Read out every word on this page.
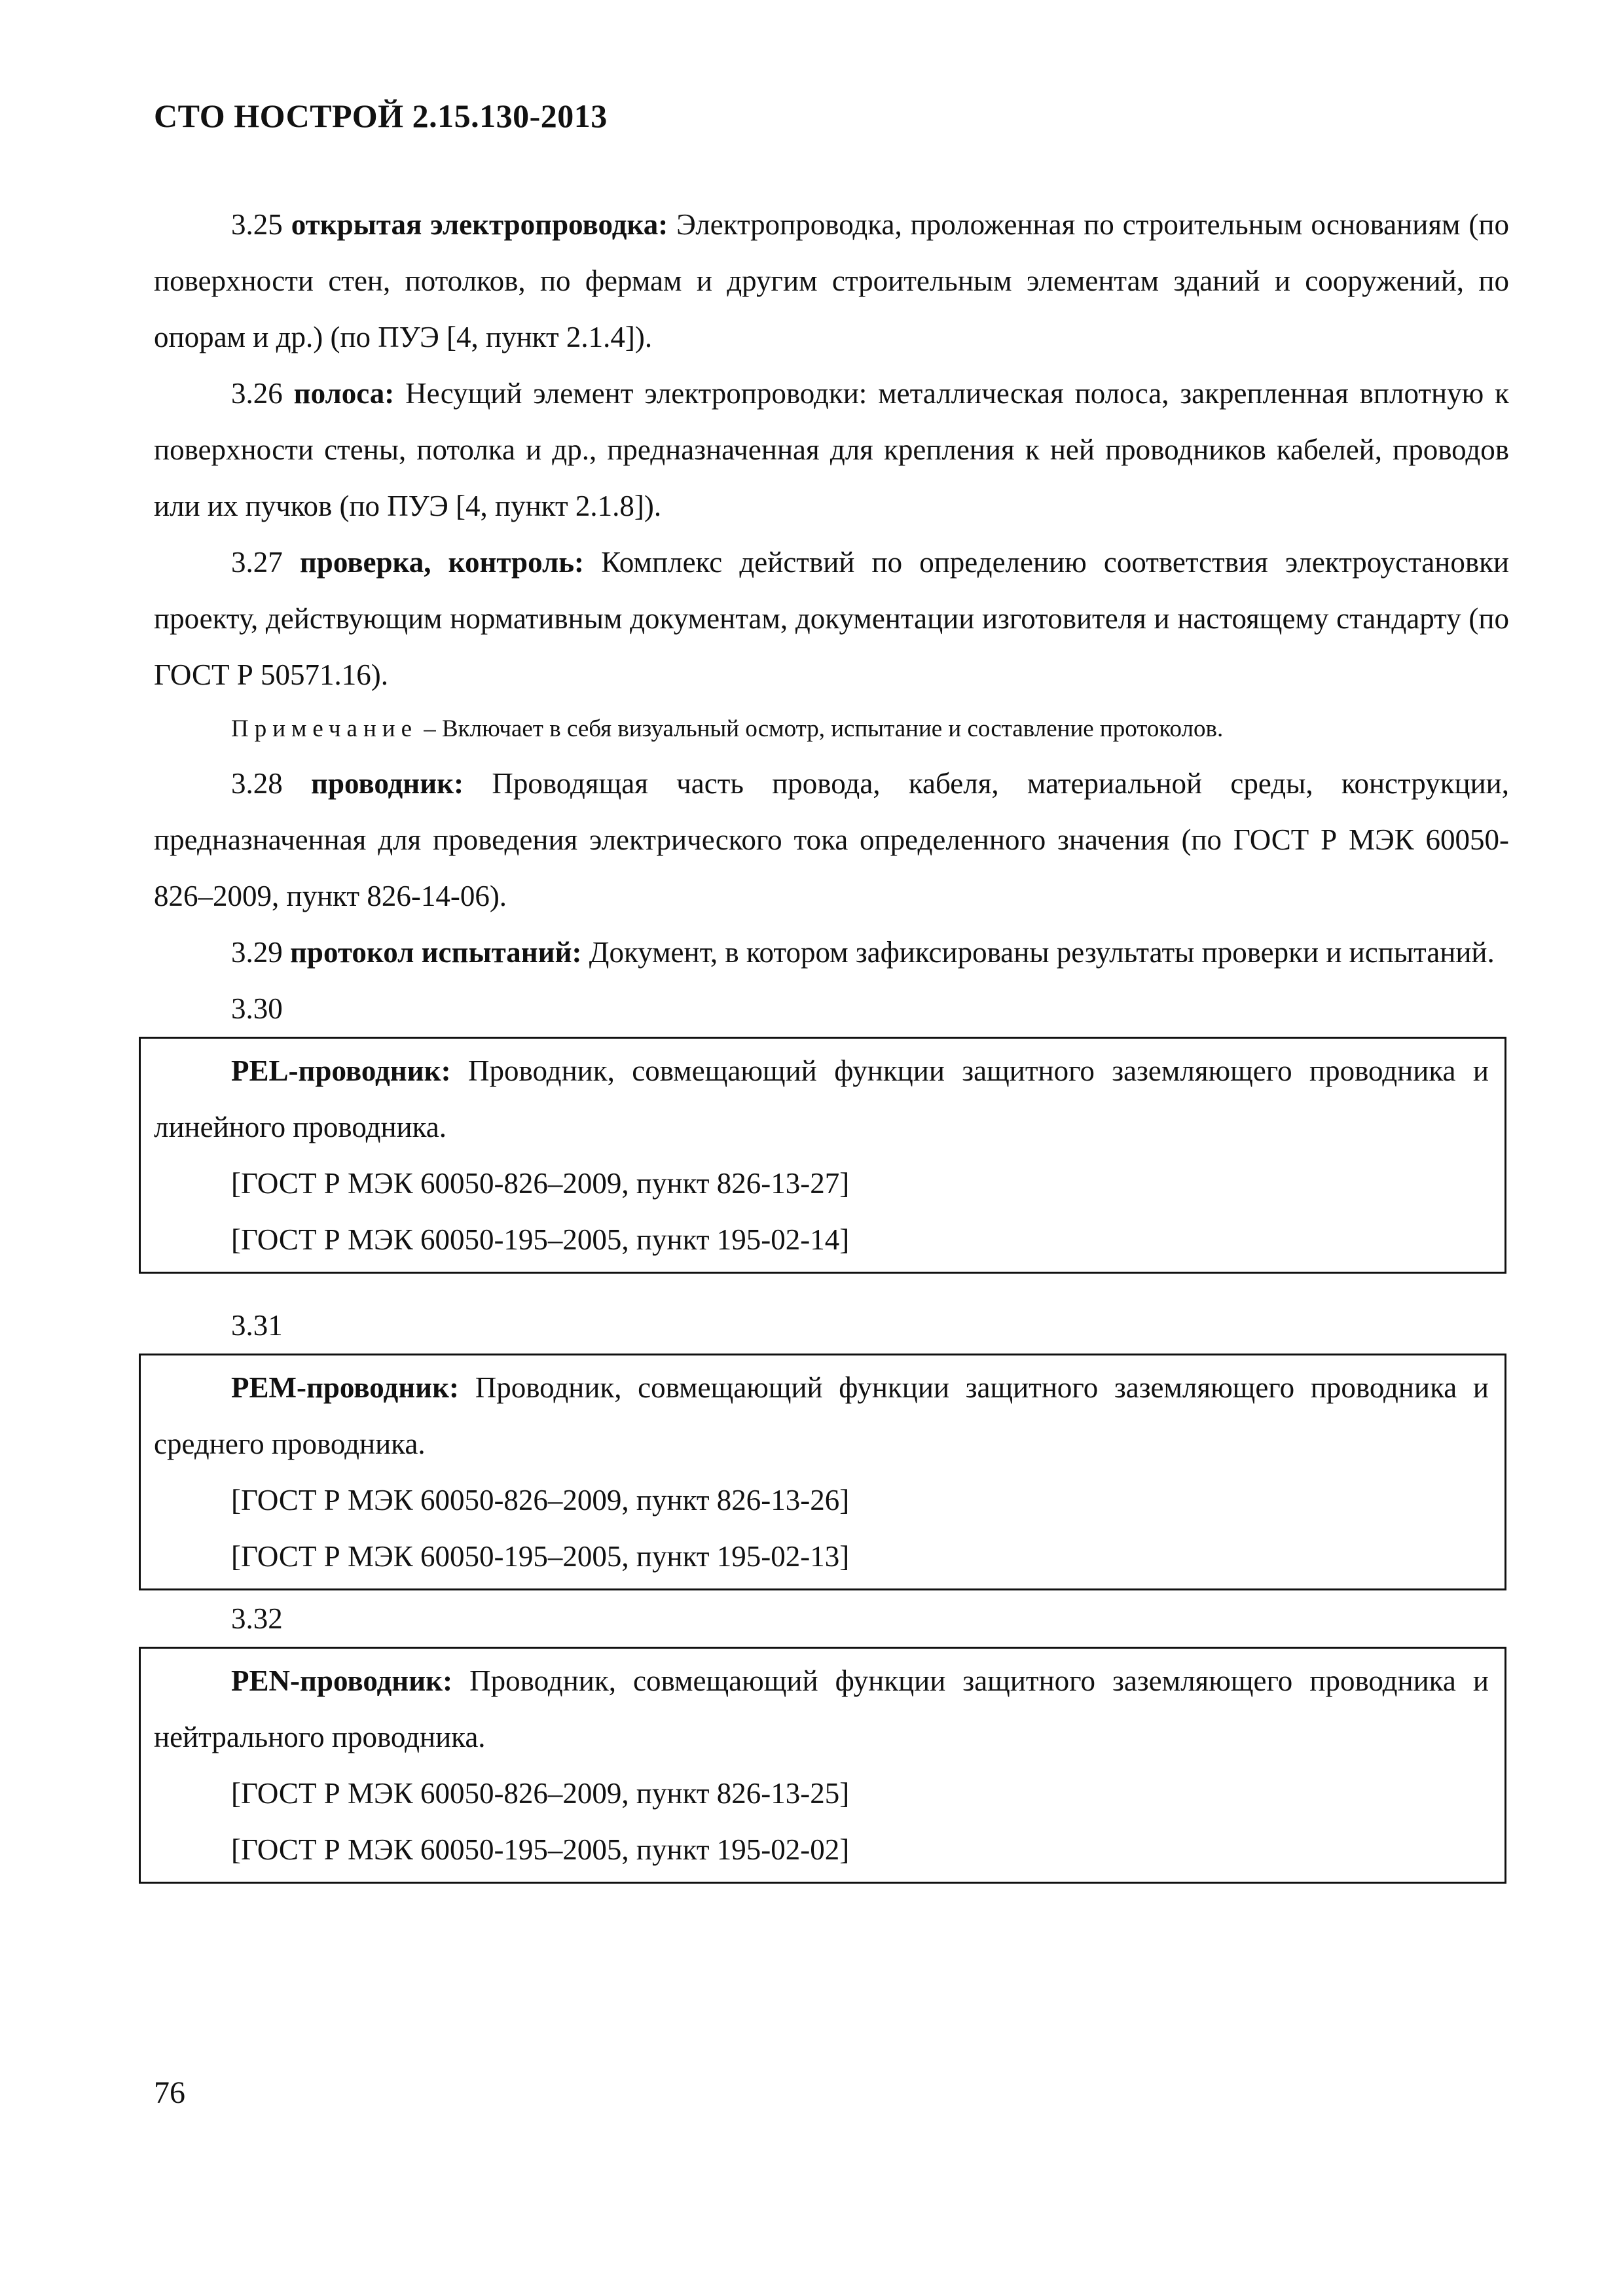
СТО НОСТРОЙ 2.15.130-2013

3.25 открытая электропроводка: Электропроводка, проложенная по строительным основаниям (по поверхности стен, потолков, по фермам и другим строительным элементам зданий и сооружений, по опорам и др.) (по ПУЭ [4, пункт 2.1.4]).

3.26 полоса: Несущий элемент электропроводки: металлическая полоса, закрепленная вплотную к поверхности стены, потолка и др., предназначенная для крепления к ней проводников кабелей, проводов или их пучков (по ПУЭ [4, пункт 2.1.8]).

3.27 проверка, контроль: Комплекс действий по определению соответствия электроустановки проекту, действующим нормативным документам, документации изготовителя и настоящему стандарту (по ГОСТ Р 50571.16).

Примечание – Включает в себя визуальный осмотр, испытание и составление протоколов.

3.28 проводник: Проводящая часть провода, кабеля, материальной среды, конструкции, предназначенная для проведения электрического тока определенного значения (по ГОСТ Р МЭК 60050-826–2009, пункт 826-14-06).

3.29 протокол испытаний: Документ, в котором зафиксированы результаты проверки и испытаний.

3.30

PEL-проводник: Проводник, совмещающий функции защитного заземляющего проводника и линейного проводника.

[ГОСТ Р МЭК 60050-826–2009, пункт 826-13-27]

[ГОСТ Р МЭК 60050-195–2005, пункт 195-02-14]

3.31

PEM-проводник: Проводник, совмещающий функции защитного заземляющего проводника и среднего проводника.

[ГОСТ Р МЭК 60050-826–2009, пункт 826-13-26]

[ГОСТ Р МЭК 60050-195–2005, пункт 195-02-13]

3.32

PEN-проводник: Проводник, совмещающий функции защитного заземляющего проводника и нейтрального проводника.

[ГОСТ Р МЭК 60050-826–2009, пункт 826-13-25]

[ГОСТ Р МЭК 60050-195–2005, пункт 195-02-02]

76
